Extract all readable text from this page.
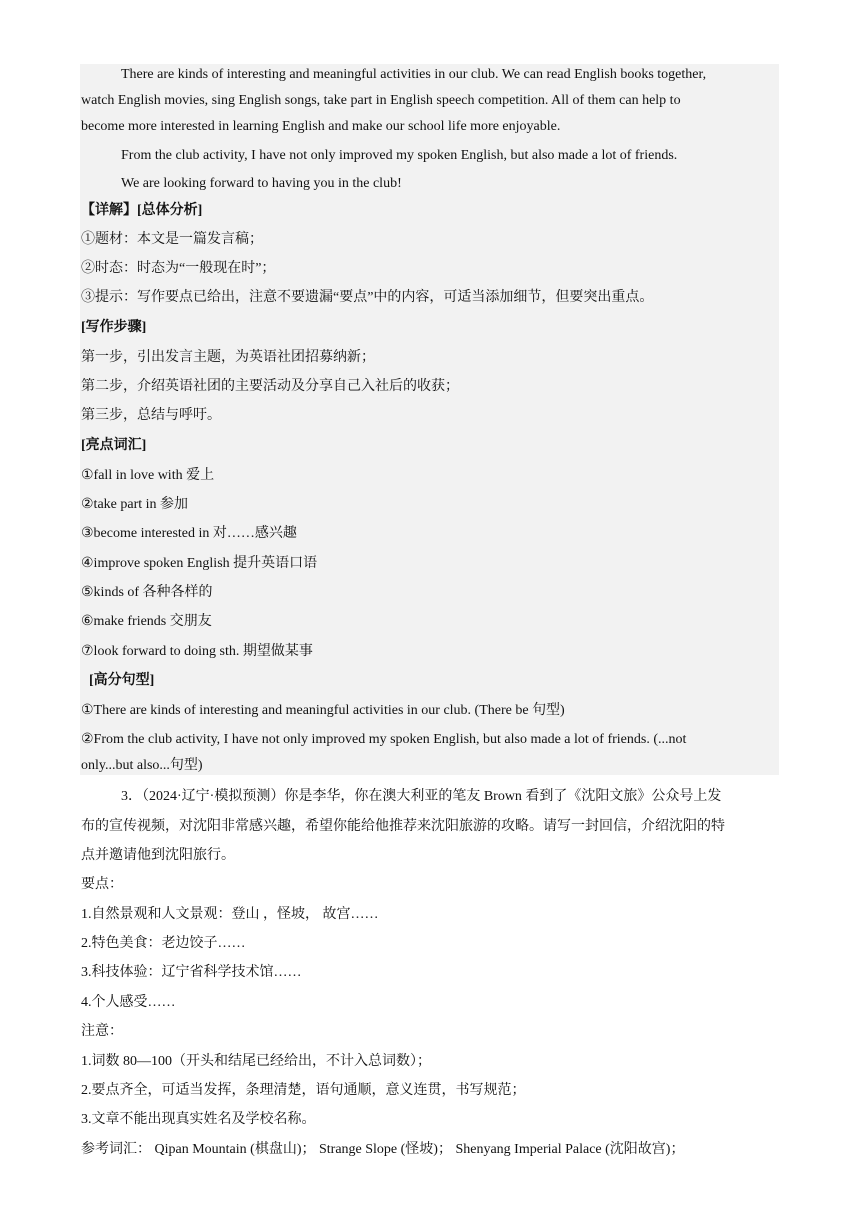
There are kinds of interesting and meaningful activities in our club. We can read English books together,
watch English movies, sing English songs, take part in English speech competition. All of them can help to
become more interested in learning English and make our school life more enjoyable.
From the club activity, I have not only improved my spoken English, but also made a lot of friends.
We are looking forward to having you in the club!
【详解】[总体分析]
①题材：本文是一篇发言稿；
②时态：时态为“一般现在时”；
③提示：写作要点已给出，注意不要遗漏“要点”中的内容，可适当添加细节，但要突出重点。
[写作步骤]
第一步，引出发言主题，为英语社团招募纳新；
第二步，介绍英语社团的主要活动及分享自己入社后的收获；
第三步，总结与呼吁。
[亮点词汇]
①fall in love with 爱上
②take part in 参加
③become interested in 对……感兴趣
④improve spoken English 提升英语口语
⑤kinds of 各种各样的
⑥make friends 交朋友
⑦look forward to doing sth. 期望做某事
[高分句型]
①There are kinds of interesting and meaningful activities in our club. (There be 句型)
②From the club activity, I have not only improved my spoken English, but also made a lot of friends. (...not
only...but also...句型)
3．（2024·辽宁·模拟预测）你是李华，你在澳大利亚的笔友 Brown 看到了《沈阳文旅》公众号上发
布的宣传视频，对沈阳非常感兴趣，希望你能给他推荐来沈阳旅游的攻略。请写一封回信，介绍沈阳的特
点并邀请他到沈阳旅行。
要点：
1.自然景观和人文景观：登山 ，怪坡， 故宫……
2.特色美食：老边饺子……
3.科技体验：辽宁省科学技术馆……
4.个人感受……
注意：
1.词数 80—100（开头和结尾已经给出，不计入总词数）；
2.要点齐全，可适当发挥，条理清楚，语句通顺，意义连贯，书写规范；
3.文章不能出现真实姓名及学校名称。
参考词汇： Qipan Mountain (棋盘山)； Strange Slope (怪坡)； Shenyang Imperial Palace (沈阳故宫)；
